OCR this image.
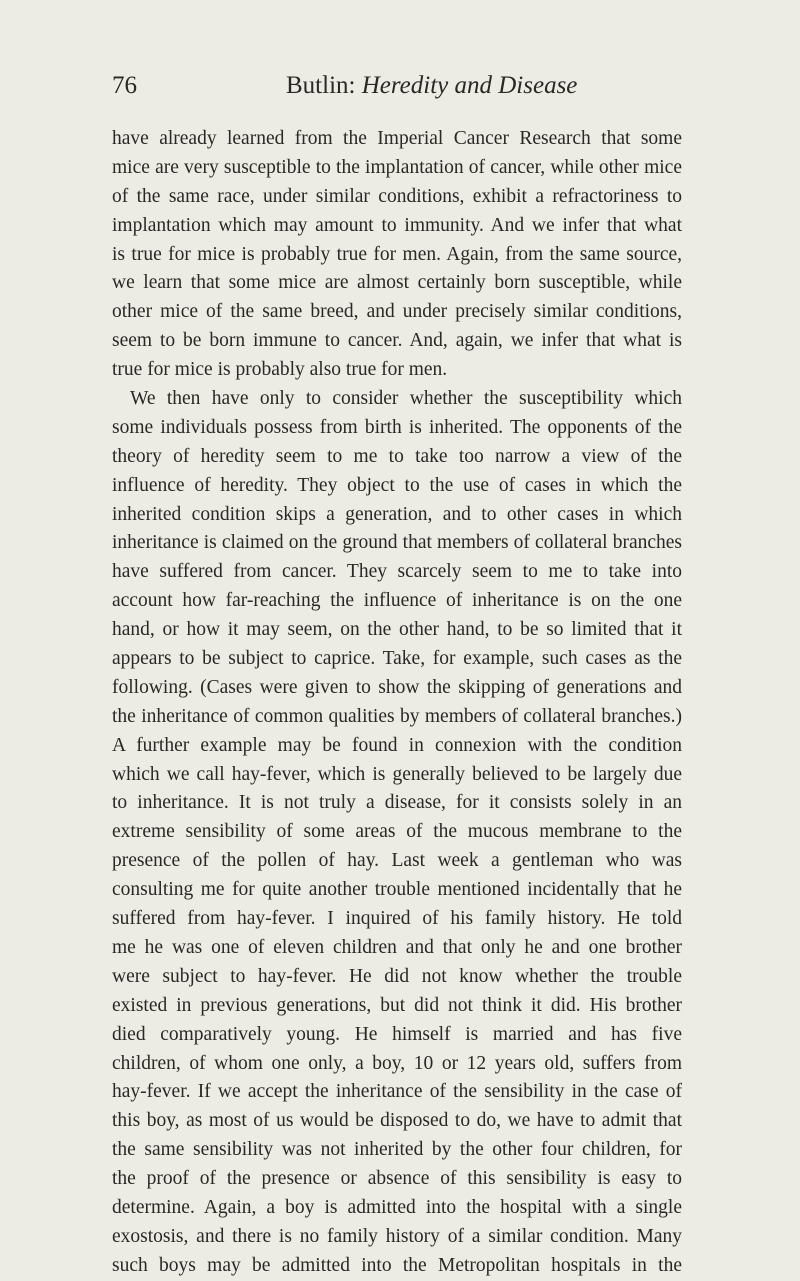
76	Butlin: Heredity and Disease
have already learned from the Imperial Cancer Research that some
mice are very susceptible to the implantation of cancer, while other mice
of the same race, under similar conditions, exhibit a refractoriness to
implantation which may amount to immunity. And we infer that what
is true for mice is probably true for men. Again, from the same source,
we learn that some mice are almost certainly born susceptible, while
other mice of the same breed, and under precisely similar conditions,
seem to be born immune to cancer. And, again, we infer that what is
true for mice is probably also true for men.
We then have only to consider whether the susceptibility which
some individuals possess from birth is inherited. The opponents of the
theory of heredity seem to me to take too narrow a view of the
influence of heredity. They object to the use of cases in which the
inherited condition skips a generation, and to other cases in which
inheritance is claimed on the ground that members of collateral branches
have suffered from cancer. They scarcely seem to me to take into
account how far-reaching the influence of inheritance is on the one
hand, or how it may seem, on the other hand, to be so limited that it
appears to be subject to caprice. Take, for example, such cases as the
following. (Cases were given to show the skipping of generations and
the inheritance of common qualities by members of collateral branches.)
A further example may be found in connexion with the condition
which we call hay-fever, which is generally believed to be largely due
to inheritance. It is not truly a disease, for it consists solely in an
extreme sensibility of some areas of the mucous membrane to the
presence of the pollen of hay. Last week a gentleman who was
consulting me for quite another trouble mentioned incidentally that he
suffered from hay-fever. I inquired of his family history. He told
me he was one of eleven children and that only he and one brother
were subject to hay-fever. He did not know whether the trouble
existed in previous generations, but did not think it did. His brother
died comparatively young. He himself is married and has five
children, of whom one only, a boy, 10 or 12 years old, suffers from
hay-fever. If we accept the inheritance of the sensibility in the case of
this boy, as most of us would be disposed to do, we have to admit that
the same sensibility was not inherited by the other four children, for
the proof of the presence or absence of this sensibility is easy to
determine. Again, a boy is admitted into the hospital with a single
exostosis, and there is no family history of a similar condition. Many
such boys may be admitted into the Metropolitan hospitals in the
